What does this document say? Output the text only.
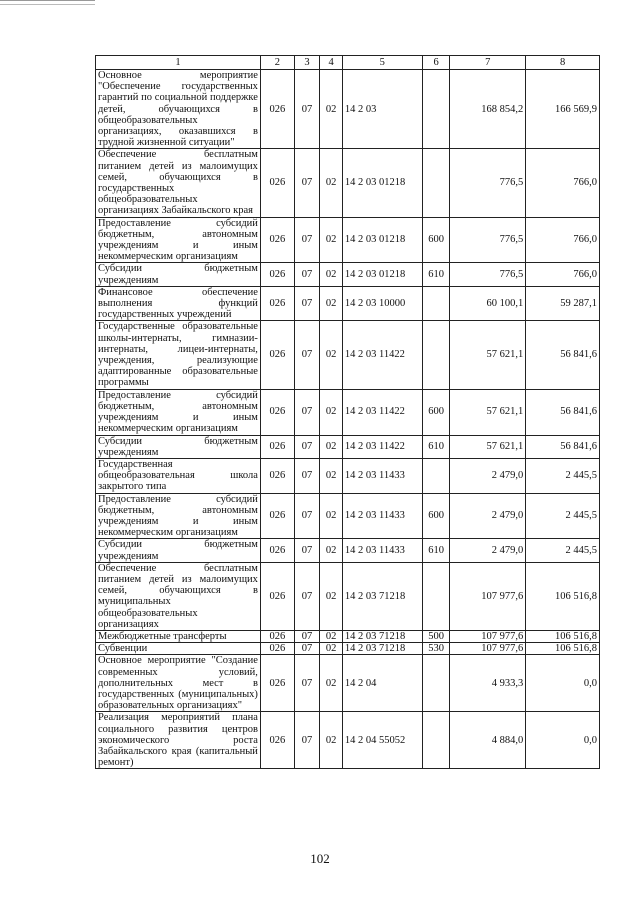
1	2	3	4	5	6	7	8
Основное мероприятие "Обеспечение государственных гарантий по социальной поддержке детей, обучающихся в общеобразовательных организациях, оказавшихся в трудной жизненной ситуации"	026	07	02	14 2 03		168 854,2	166 569,9
Обеспечение бесплатным питанием детей из малоимущих семей, обучающихся в государственных общеобразовательных организациях Забайкальского края	026	07	02	14 2 03 01218		776,5	766,0
Предоставление субсидий бюджетным, автономным учреждениям и иным некоммерческим организациям	026	07	02	14 2 03 01218	600	776,5	766,0
Субсидии бюджетным учреждениям	026	07	02	14 2 03 01218	610	776,5	766,0
Финансовое обеспечение выполнения функций государственных учреждений	026	07	02	14 2 03 10000		60 100,1	59 287,1
Государственные образовательные школы-интернаты, гимназии-интернаты, лицеи-интернаты, учреждения, реализующие адаптированные образовательные программы	026	07	02	14 2 03 11422		57 621,1	56 841,6
Предоставление субсидий бюджетным, автономным учреждениям и иным некоммерческим организациям	026	07	02	14 2 03 11422	600	57 621,1	56 841,6
Субсидии бюджетным учреждениям	026	07	02	14 2 03 11422	610	57 621,1	56 841,6
Государственная общеобразовательная школа закрытого типа	026	07	02	14 2 03 11433		2 479,0	2 445,5
Предоставление субсидий бюджетным, автономным учреждениям и иным некоммерческим организациям	026	07	02	14 2 03 11433	600	2 479,0	2 445,5
Субсидии бюджетным учреждениям	026	07	02	14 2 03 11433	610	2 479,0	2 445,5
Обеспечение бесплатным питанием детей из малоимущих семей, обучающихся в муниципальных общеобразовательных организациях	026	07	02	14 2 03 71218		107 977,6	106 516,8
Межбюджетные трансферты	026	07	02	14 2 03 71218	500	107 977,6	106 516,8
Субвенции	026	07	02	14 2 03 71218	530	107 977,6	106 516,8
Основное мероприятие "Создание современных условий, дополнительных мест в государственных (муниципальных) образовательных организациях"	026	07	02	14 2 04		4 933,3	0,0
Реализация мероприятий плана социального развития центров экономического роста Забайкальского края (капитальный ремонт)	026	07	02	14 2 04 55052		4 884,0	0,0
102
